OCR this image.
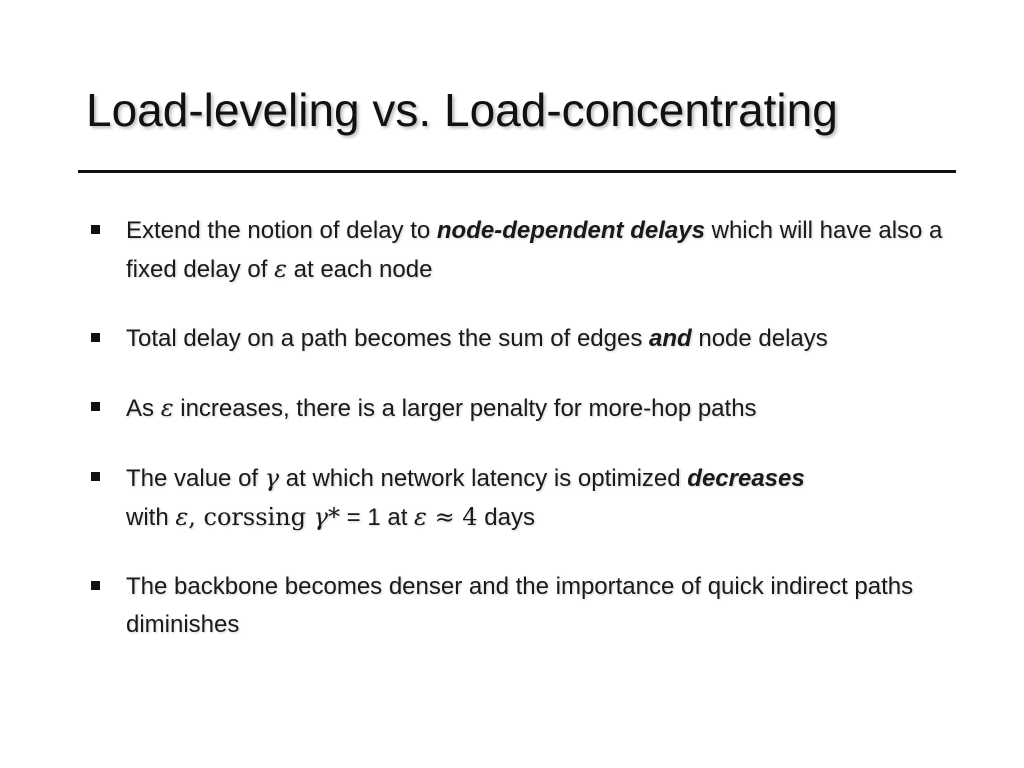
Load-leveling vs. Load-concentrating
Extend the notion of delay to node-dependent delays which will have also a fixed delay of ε at each node
Total delay on a path becomes the sum of edges and node delays
As ε increases, there is a larger penalty for more-hop paths
The value of γ at which network latency is optimized decreases
with ε, corssing γ* = 1 at ε ≈ 4 days
The backbone becomes denser and the importance of quick indirect paths diminishes
